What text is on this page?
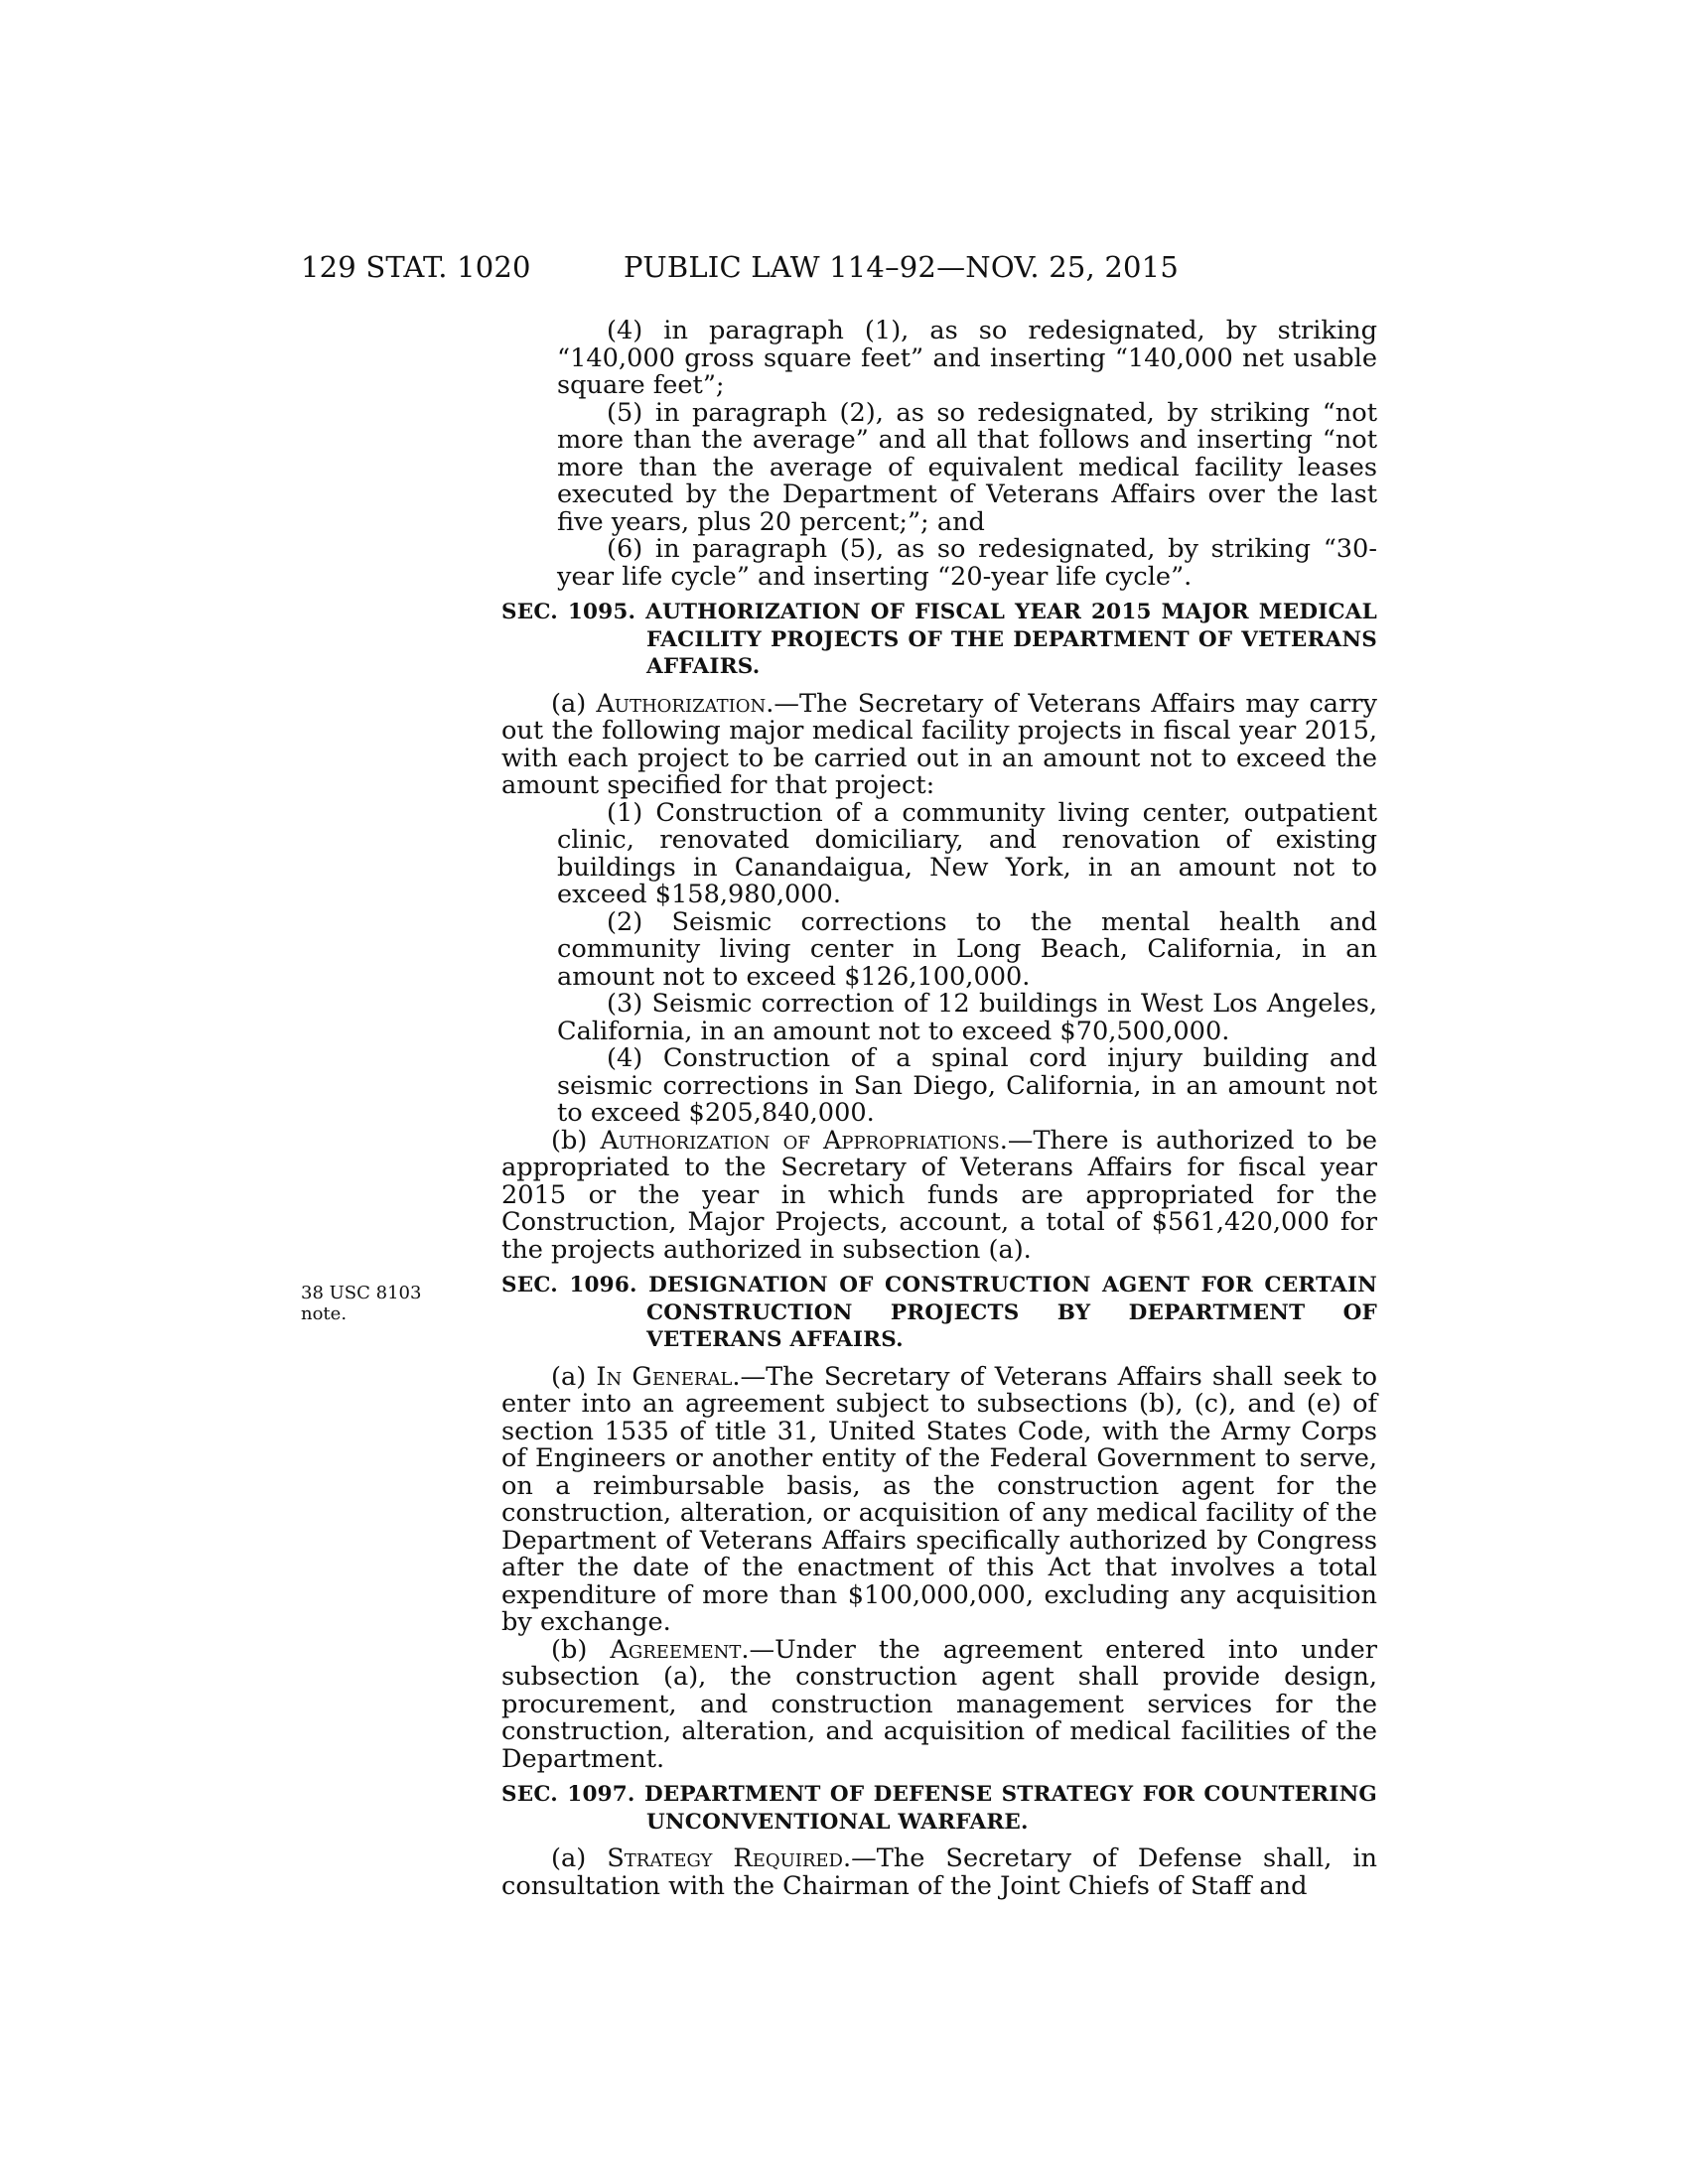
129 STAT. 1020	PUBLIC LAW 114–92—NOV. 25, 2015
38 USC 8103 note.

(4) in paragraph (1), as so redesignated, by striking “140,000 gross square feet” and inserting “140,000 net usable square feet”;

(5) in paragraph (2), as so redesignated, by striking “not more than the average” and all that follows and inserting “not more than the average of equivalent medical facility leases executed by the Department of Veterans Affairs over the last five years, plus 20 percent;”; and

(6) in paragraph (5), as so redesignated, by striking “30-year life cycle” and inserting “20-year life cycle”.

SEC. 1095. AUTHORIZATION OF FISCAL YEAR 2015 MAJOR MEDICAL FACILITY PROJECTS OF THE DEPARTMENT OF VETERANS AFFAIRS.

(a) Authorization.—The Secretary of Veterans Affairs may carry out the following major medical facility projects in fiscal year 2015, with each project to be carried out in an amount not to exceed the amount specified for that project:

(1) Construction of a community living center, outpatient clinic, renovated domiciliary, and renovation of existing buildings in Canandaigua, New York, in an amount not to exceed $158,980,000.

(2) Seismic corrections to the mental health and community living center in Long Beach, California, in an amount not to exceed $126,100,000.

(3) Seismic correction of 12 buildings in West Los Angeles, California, in an amount not to exceed $70,500,000.

(4) Construction of a spinal cord injury building and seismic corrections in San Diego, California, in an amount not to exceed $205,840,000.

(b) Authorization of Appropriations.—There is authorized to be appropriated to the Secretary of Veterans Affairs for fiscal year 2015 or the year in which funds are appropriated for the Construction, Major Projects, account, a total of $561,420,000 for the projects authorized in subsection (a).

SEC. 1096. DESIGNATION OF CONSTRUCTION AGENT FOR CERTAIN CONSTRUCTION PROJECTS BY DEPARTMENT OF VETERANS AFFAIRS.

(a) In General.—The Secretary of Veterans Affairs shall seek to enter into an agreement subject to subsections (b), (c), and (e) of section 1535 of title 31, United States Code, with the Army Corps of Engineers or another entity of the Federal Government to serve, on a reimbursable basis, as the construction agent for the construction, alteration, or acquisition of any medical facility of the Department of Veterans Affairs specifically authorized by Congress after the date of the enactment of this Act that involves a total expenditure of more than $100,000,000, excluding any acquisition by exchange.

(b) Agreement.—Under the agreement entered into under subsection (a), the construction agent shall provide design, procurement, and construction management services for the construction, alteration, and acquisition of medical facilities of the Department.

SEC. 1097. DEPARTMENT OF DEFENSE STRATEGY FOR COUNTERING UNCONVENTIONAL WARFARE.

(a) Strategy Required.—The Secretary of Defense shall, in consultation with the Chairman of the Joint Chiefs of Staff and
